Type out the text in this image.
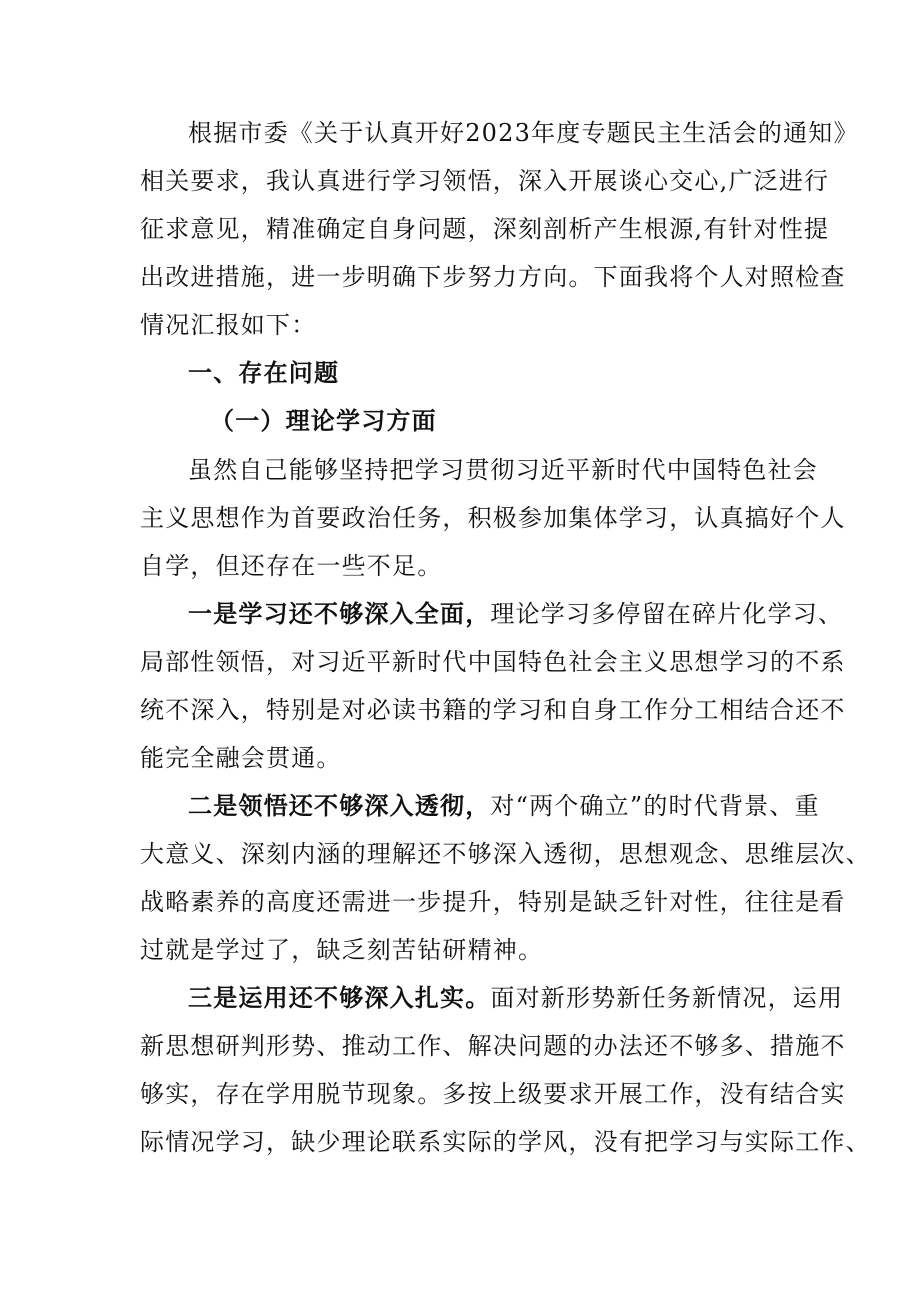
根据市委《关于认真开好2023年度专题民主生活会的通知》
相关要求，我认真进行学习领悟，深入开展谈心交心,广泛进行
征求意见，精准确定自身问题，深刻剖析产生根源,有针对性提
出改进措施，进一步明确下步努力方向。下面我将个人对照检查
情况汇报如下：
一、存在问题
（一）理论学习方面
虽然自己能够坚持把学习贯彻习近平新时代中国特色社会
主义思想作为首要政治任务，积极参加集体学习，认真搞好个人
自学，但还存在一些不足。
一是学习还不够深入全面，理论学习多停留在碎片化学习、
局部性领悟，对习近平新时代中国特色社会主义思想学习的不系
统不深入，特别是对必读书籍的学习和自身工作分工相结合还不
能完全融会贯通。
二是领悟还不够深入透彻，对“两个确立”的时代背景、重
大意义、深刻内涵的理解还不够深入透彻，思想观念、思维层次、
战略素养的高度还需进一步提升，特别是缺乏针对性，往往是看
过就是学过了，缺乏刻苦钻研精神。
三是运用还不够深入扎实。面对新形势新任务新情况，运用
新思想研判形势、推动工作、解决问题的办法还不够多、措施不
够实，存在学用脱节现象。多按上级要求开展工作，没有结合实
际情况学习，缺少理论联系实际的学风，没有把学习与实际工作、
